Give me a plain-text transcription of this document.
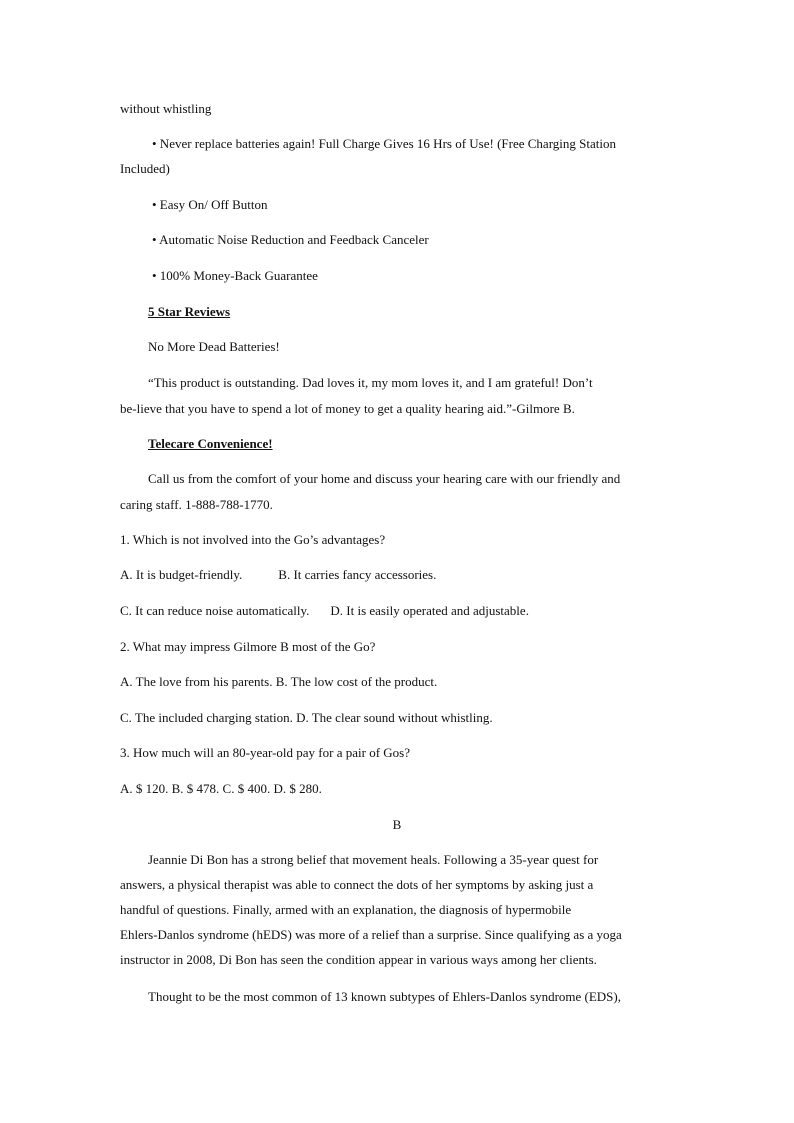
without whistling
• Never replace batteries again! Full Charge Gives 16 Hrs of Use! (Free Charging Station
Included)
• Easy On/ Off Button
• Automatic Noise Reduction and Feedback Canceler
• 100% Money-Back Guarantee
5 Star Reviews
No More Dead Batteries!
“This product is outstanding. Dad loves it, my mom loves it, and I am grateful! Don’t
be-lieve that you have to spend a lot of money to get a quality hearing aid.”-Gilmore B.
Telecare Convenience!
Call us from the comfort of your home and discuss your hearing care with our friendly and
caring staff. 1-888-788-1770.
1. Which is not involved into the Go’s advantages?
A. It is budget-friendly.	B. It carries fancy accessories.
C. It can reduce noise automatically. D. It is easily operated and adjustable.
2. What may impress Gilmore B most of the Go?
A. The love from his parents. B. The low cost of the product.
C. The included charging station. D. The clear sound without whistling.
3. How much will an 80-year-old pay for a pair of Gos?
A. $ 120. B. $ 478. C. $ 400. D. $ 280.
B
Jeannie Di Bon has a strong belief that movement heals. Following a 35-year quest for
answers, a physical therapist was able to connect the dots of her symptoms by asking just a
handful of questions. Finally, armed with an explanation, the diagnosis of hypermobile
Ehlers-Danlos syndrome (hEDS) was more of a relief than a surprise. Since qualifying as a yoga
instructor in 2008, Di Bon has seen the condition appear in various ways among her clients.
Thought to be the most common of 13 known subtypes of Ehlers-Danlos syndrome (EDS),
